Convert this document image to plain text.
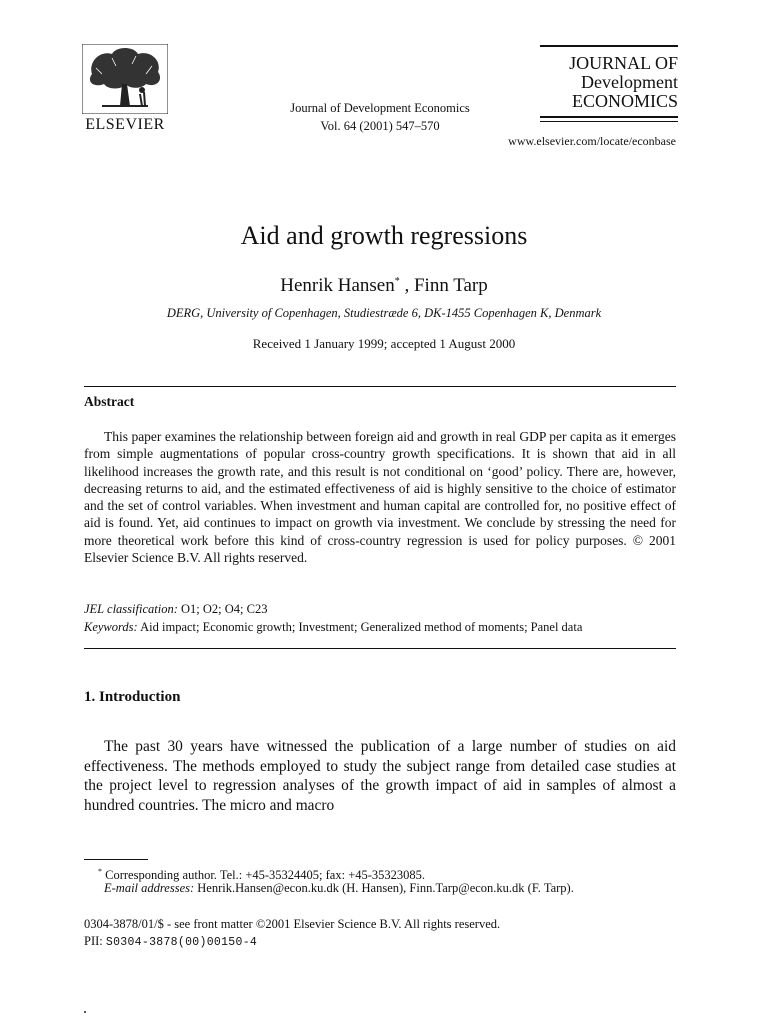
ELSEVIER
Journal of Development Economics
Vol. 64 (2001) 547–570
JOURNAL OF
Development
ECONOMICS
www.elsevier.com/locate/econbase
Aid and growth regressions
Henrik Hansen* , Finn Tarp
DERG, University of Copenhagen, Studiestræde 6, DK-1455 Copenhagen K, Denmark
Received 1 January 1999; accepted 1 August 2000
Abstract
This paper examines the relationship between foreign aid and growth in real GDP per capita as it emerges from simple augmentations of popular cross-country growth specifications. It is shown that aid in all likelihood increases the growth rate, and this result is not conditional on ‘good’ policy. There are, however, decreasing returns to aid, and the estimated effectiveness of aid is highly sensitive to the choice of estimator and the set of control variables. When investment and human capital are controlled for, no positive effect of aid is found. Yet, aid continues to impact on growth via investment. We conclude by stressing the need for more theoretical work before this kind of cross-country regression is used for policy purposes. © 2001 Elsevier Science B.V. All rights reserved.
JEL classification: O1; O2; O4; C23
Keywords: Aid impact; Economic growth; Investment; Generalized method of moments; Panel data
1. Introduction
The past 30 years have witnessed the publication of a large number of studies on aid effectiveness. The methods employed to study the subject range from detailed case studies at the project level to regression analyses of the growth impact of aid in samples of almost a hundred countries. The micro and macro
* Corresponding author. Tel.: +45-35324405; fax: +45-35323085.
E-mail addresses: Henrik.Hansen@econ.ku.dk (H. Hansen), Finn.Tarp@econ.ku.dk (F. Tarp).
0304-3878/01/$ - see front matter ©2001 Elsevier Science B.V. All rights reserved.
PII: S0304-3878(00)00150-4
